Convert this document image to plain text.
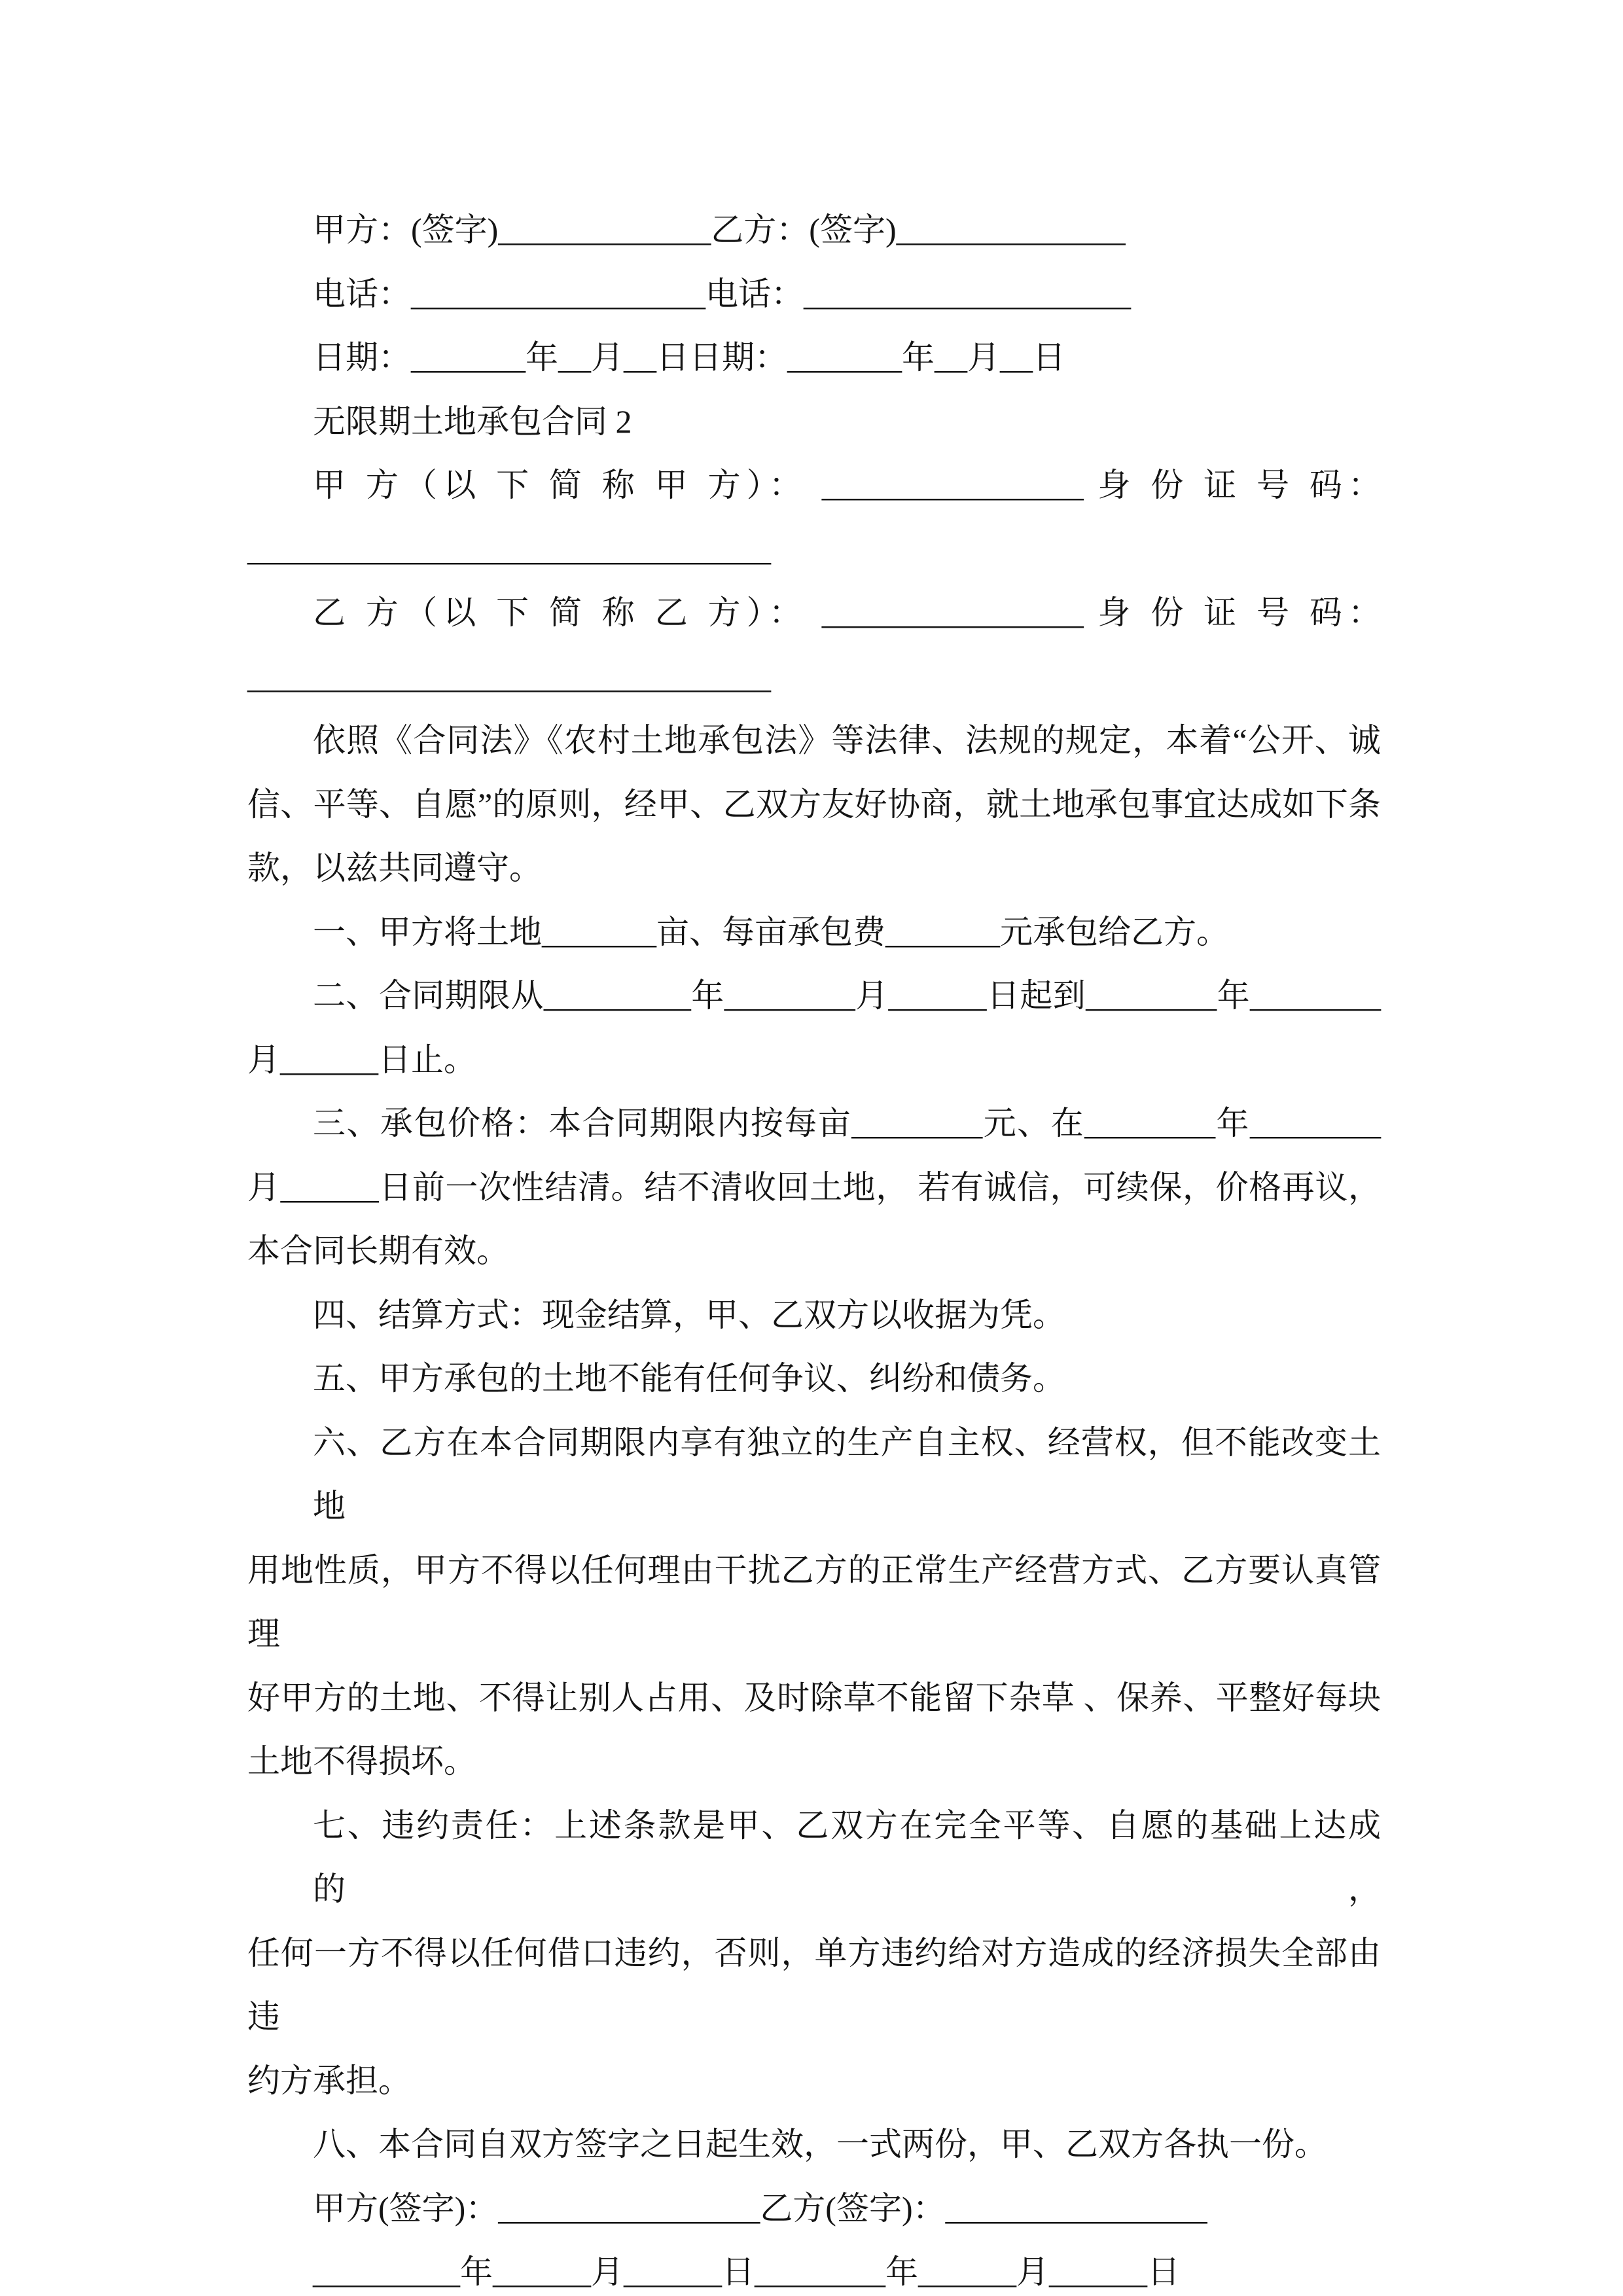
甲方：(签字)_____________乙方：(签字)______________
电话：__________________电话：____________________
日期：_______年__月__日日期：_______年__月__日
无限期土地承包合同 2
甲 方（以 下 简 称 甲 方）： ________________ 身 份 证 号 码：
________________________________
乙 方（以 下 简 称 乙 方）： ________________ 身 份 证 号 码：
________________________________
依照《合同法》《农村土地承包法》等法律、法规的规定，本着“公开、诚
信、平等、自愿”的原则，经甲、乙双方友好协商，就土地承包事宜达成如下条
款，以兹共同遵守。
一、甲方将土地_______亩、每亩承包费_______元承包给乙方。
二、合同期限从_________年________月______日起到________年________
月______日止。
三、承包价格：本合同期限内按每亩________元、在________年________
月______日前一次性结清。结不清收回土地， 若有诚信，可续保，价格再议，
本合同长期有效。
四、结算方式：现金结算，甲、乙双方以收据为凭。
五、甲方承包的土地不能有任何争议、纠纷和债务。
六、乙方在本合同期限内享有独立的生产自主权、经营权，但不能改变土地
用地性质，甲方不得以任何理由干扰乙方的正常生产经营方式、乙方要认真管理
好甲方的土地、不得让别人占用、及时除草不能留下杂草 、保养、平整好每块
土地不得损坏。
七、违约责任：上述条款是甲、乙双方在完全平等、自愿的基础上达成的，
任何一方不得以任何借口违约，否则，单方违约给对方造成的经济损失全部由违
约方承担。
八、本合同自双方签字之日起生效，一式两份，甲、乙双方各执一份。
甲方(签字)：________________乙方(签字)：________________
_________年______月______日________年______月______日
